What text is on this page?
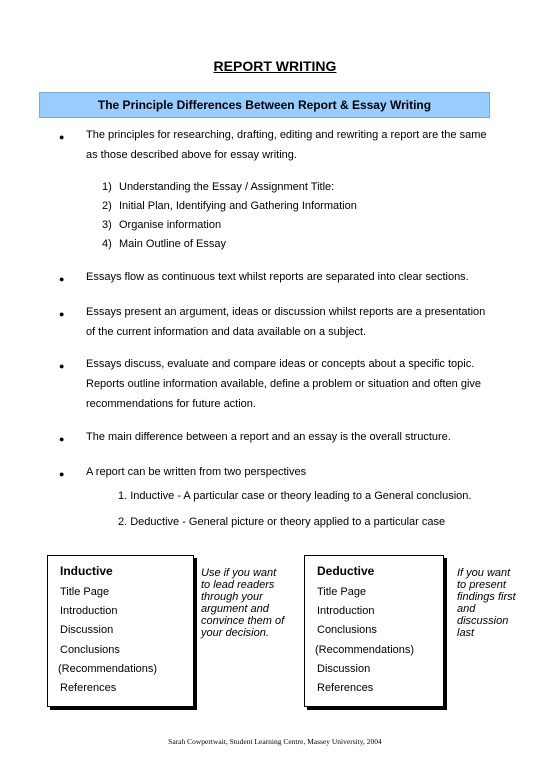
REPORT WRITING
The Principle Differences Between Report & Essay Writing
● The principles for researching, drafting, editing and rewriting a report are the same
as those described above for essay writing.
1) Understanding the Essay / Assignment Title:
2) Initial Plan, Identifying and Gathering Information
3) Organise information
4) Main Outline of Essay
● Essays flow as continuous text whilst reports are separated into clear sections.
● Essays present an argument, ideas or discussion whilst reports are a presentation
of the current information and data available on a subject.
● Essays discuss, evaluate and compare ideas or concepts about a specific topic.
Reports outline information available, define a problem or situation and often give
recommendations for future action.
● The main difference between a report and an essay is the overall structure.
● A report can be written from two perspectives
1. Inductive - A particular case or theory leading to a General conclusion.
2. Deductive - General picture or theory applied to a particular case
Inductive
Title Page
Introduction
Discussion
Conclusions
(Recommendations)
References
Use if you want
to lead readers
through your
argument and
convince them of
your decision.
Deductive
Title Page
Introduction
Conclusions
(Recommendations)
Discussion
References
If you want
to present
findings first
and
discussion
last
Sarah Cowpertwait, Student Learning Centre, Massey University, 2004
